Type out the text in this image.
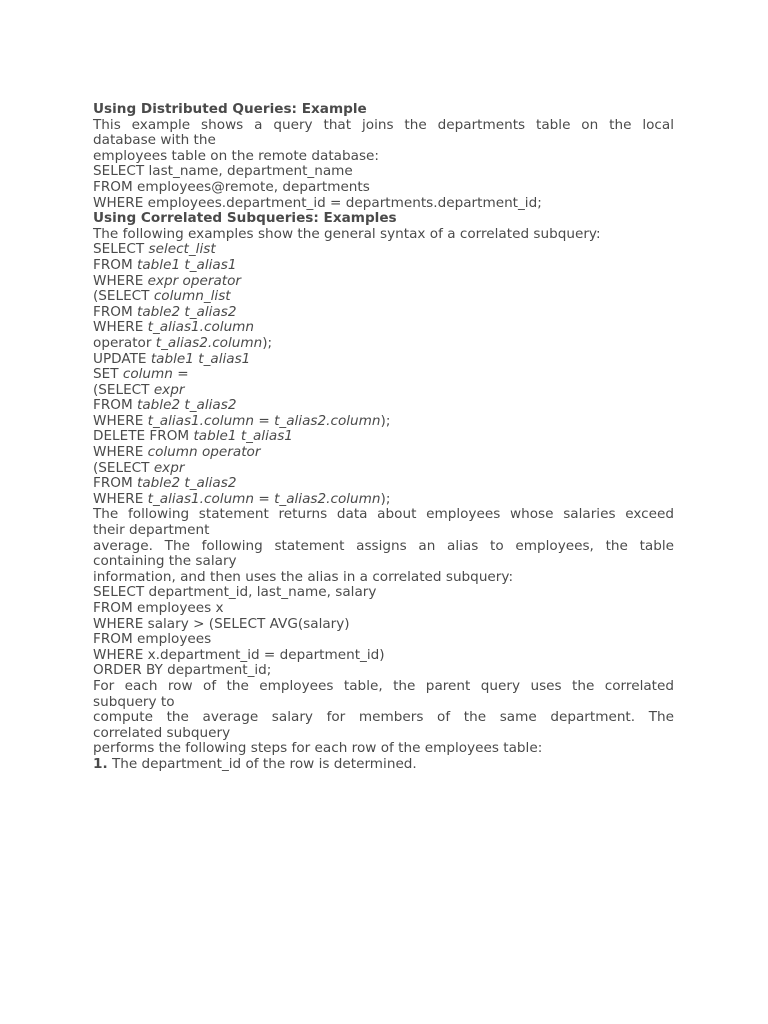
Using Distributed Queries: Example
This example shows a query that joins the departments table on the local
database with the
employees table on the remote database:
SELECT last_name, department_name
FROM employees@remote, departments
WHERE employees.department_id = departments.department_id;
Using Correlated Subqueries: Examples
The following examples show the general syntax of a correlated subquery:
SELECT select_list
FROM table1 t_alias1
WHERE expr operator
(SELECT column_list
FROM table2 t_alias2
WHERE t_alias1.column
operator t_alias2.column);
UPDATE table1 t_alias1
SET column =
(SELECT expr
FROM table2 t_alias2
WHERE t_alias1.column = t_alias2.column);
DELETE FROM table1 t_alias1
WHERE column operator
(SELECT expr
FROM table2 t_alias2
WHERE t_alias1.column = t_alias2.column);
The following statement returns data about employees whose salaries exceed
their department
average. The following statement assigns an alias to employees, the table
containing the salary
information, and then uses the alias in a correlated subquery:
SELECT department_id, last_name, salary
FROM employees x
WHERE salary > (SELECT AVG(salary)
FROM employees
WHERE x.department_id = department_id)
ORDER BY department_id;
For each row of the employees table, the parent query uses the correlated
subquery to
compute the average salary for members of the same department. The
correlated subquery
performs the following steps for each row of the employees table:
1. The department_id of the row is determined.
